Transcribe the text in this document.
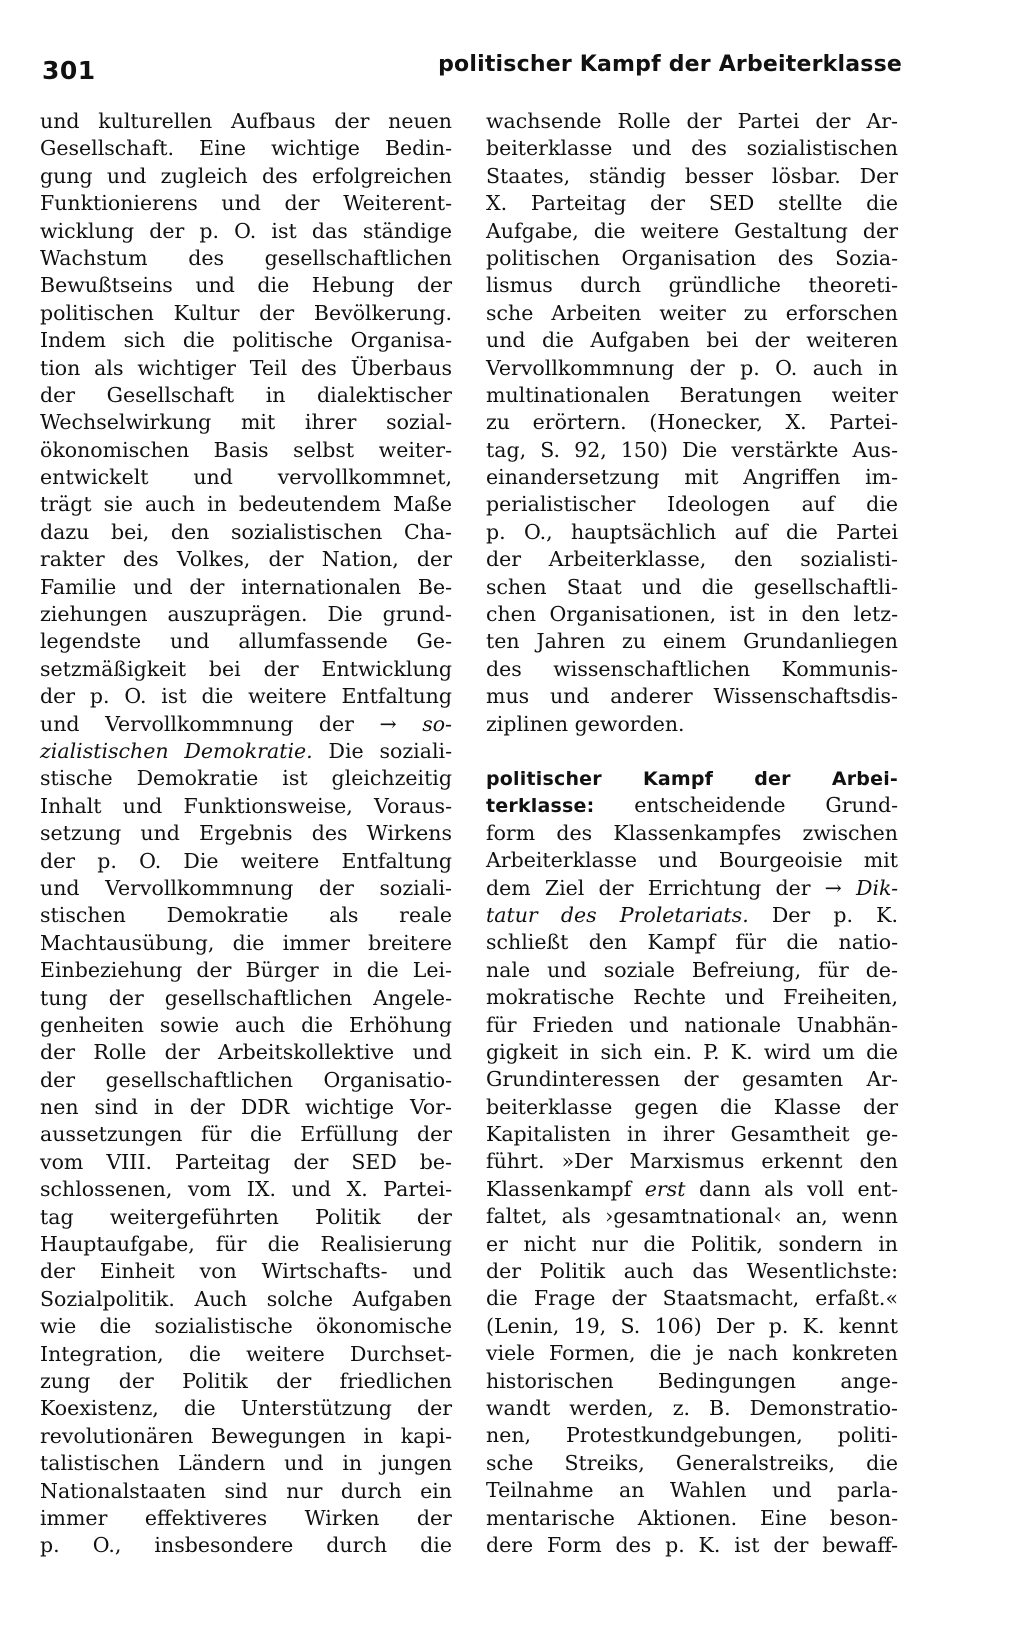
301	politischer Kampf der Arbeiterklasse
und kulturellen Aufbaus der neuen
Gesellschaft. Eine wichtige Bedin-
gung und zugleich des erfolgreichen
Funktionierens und der Weiterent-
wicklung der p. O. ist das ständige
Wachstum des gesellschaftlichen
Bewußtseins und die Hebung der
politischen Kultur der Bevölkerung.
Indem sich die politische Organisa-
tion als wichtiger Teil des Überbaus
der Gesellschaft in dialektischer
Wechselwirkung mit ihrer sozial-
ökonomischen Basis selbst weiter-
entwickelt und vervollkommnet,
trägt sie auch in bedeutendem Maße
dazu bei, den sozialistischen Cha-
rakter des Volkes, der Nation, der
Familie und der internationalen Be-
ziehungen auszuprägen. Die grund-
legendste und allumfassende Ge-
setzmäßigkeit bei der Entwicklung
der p. O. ist die weitere Entfaltung
und Vervollkommnung der → so-
zialistischen Demokratie. Die soziali-
stische Demokratie ist gleichzeitig
Inhalt und Funktionsweise, Voraus-
setzung und Ergebnis des Wirkens
der p. O. Die weitere Entfaltung
und Vervollkommnung der soziali-
stischen Demokratie als reale
Machtausübung, die immer breitere
Einbeziehung der Bürger in die Lei-
tung der gesellschaftlichen Angele-
genheiten sowie auch die Erhöhung
der Rolle der Arbeitskollektive und
der gesellschaftlichen Organisatio-
nen sind in der DDR wichtige Vor-
aussetzungen für die Erfüllung der
vom VIII. Parteitag der SED be-
schlossenen, vom IX. und X. Partei-
tag weitergeführten Politik der
Hauptaufgabe, für die Realisierung
der Einheit von Wirtschafts- und
Sozialpolitik. Auch solche Aufgaben
wie die sozialistische ökonomische
Integration, die weitere Durchset-
zung der Politik der friedlichen
Koexistenz, die Unterstützung der
revolutionären Bewegungen in kapi-
talistischen Ländern und in jungen
Nationalstaaten sind nur durch ein
immer effektiveres Wirken der
p. O., insbesondere durch die
wachsende Rolle der Partei der Ar-
beiterklasse und des sozialistischen
Staates, ständig besser lösbar. Der
X. Parteitag der SED stellte die
Aufgabe, die weitere Gestaltung der
politischen Organisation des Sozia-
lismus durch gründliche theoreti-
sche Arbeiten weiter zu erforschen
und die Aufgaben bei der weiteren
Vervollkommnung der p. O. auch in
multinationalen Beratungen weiter
zu erörtern. (Honecker, X. Partei-
tag, S. 92, 150) Die verstärkte Aus-
einandersetzung mit Angriffen im-
perialistischer Ideologen auf die
p. O., hauptsächlich auf die Partei
der Arbeiterklasse, den sozialisti-
schen Staat und die gesellschaftli-
chen Organisationen, ist in den letz-
ten Jahren zu einem Grundanliegen
des wissenschaftlichen Kommunis-
mus und anderer Wissenschaftsdis-
ziplinen geworden.
politischer Kampf der Arbei-
terklasse: entscheidende Grund-
form des Klassenkampfes zwischen
Arbeiterklasse und Bourgeoisie mit
dem Ziel der Errichtung der → Dik-
tatur des Proletariats. Der p. K.
schließt den Kampf für die natio-
nale und soziale Befreiung, für de-
mokratische Rechte und Freiheiten,
für Frieden und nationale Unabhän-
gigkeit in sich ein. P. K. wird um die
Grundinteressen der gesamten Ar-
beiterklasse gegen die Klasse der
Kapitalisten in ihrer Gesamtheit ge-
führt. »Der Marxismus erkennt den
Klassenkampf erst dann als voll ent-
faltet, als ›gesamtnational‹ an, wenn
er nicht nur die Politik, sondern in
der Politik auch das Wesentlichste:
die Frage der Staatsmacht, erfaßt.«
(Lenin, 19, S. 106) Der p. K. kennt
viele Formen, die je nach konkreten
historischen Bedingungen ange-
wandt werden, z. B. Demonstratio-
nen, Protestkundgebungen, politi-
sche Streiks, Generalstreiks, die
Teilnahme an Wahlen und parla-
mentarische Aktionen. Eine beson-
dere Form des p. K. ist der bewaff-
